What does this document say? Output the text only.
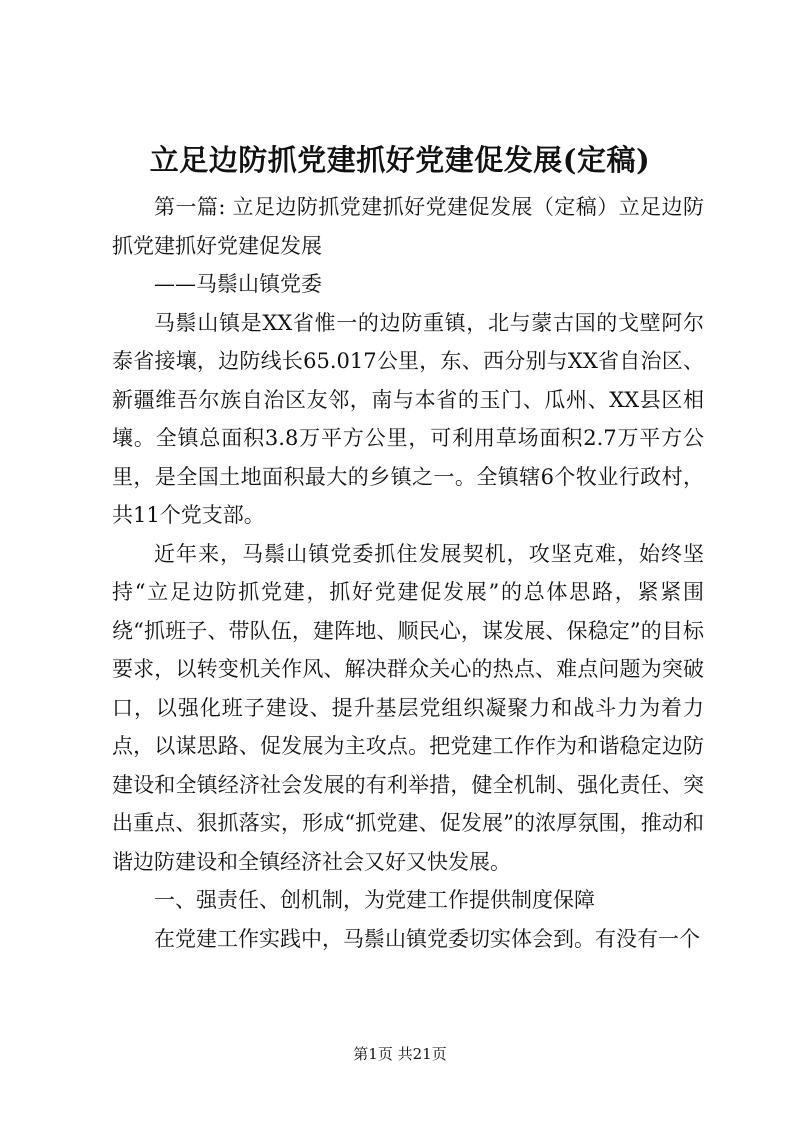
立足边防抓党建抓好党建促发展(定稿)

第一篇: 立足边防抓党建抓好党建促发展（定稿）立足边防抓党建抓好党建促发展

——马鬃山镇党委

马鬃山镇是XX省惟一的边防重镇，北与蒙古国的戈壁阿尔泰省接壤，边防线长65.017公里，东、西分别与XX省自治区、新疆维吾尔族自治区友邻，南与本省的玉门、瓜州、XX县区相壤。全镇总面积3.8万平方公里，可利用草场面积2.7万平方公里，是全国土地面积最大的乡镇之一。全镇辖6个牧业行政村，共11个党支部。

近年来，马鬃山镇党委抓住发展契机，攻坚克难，始终坚持“立足边防抓党建，抓好党建促发展”的总体思路，紧紧围绕“抓班子、带队伍，建阵地、顺民心，谋发展、保稳定”的目标要求，以转变机关作风、解决群众关心的热点、难点问题为突破口，以强化班子建设、提升基层党组织凝聚力和战斗力为着力点，以谋思路、促发展为主攻点。把党建工作作为和谐稳定边防建设和全镇经济社会发展的有利举措，健全机制、强化责任、突出重点、狠抓落实，形成“抓党建、促发展”的浓厚氛围，推动和谐边防建设和全镇经济社会又好又快发展。

一、强责任、创机制，为党建工作提供制度保障

在党建工作实践中，马鬃山镇党委切实体会到。有没有一个

第1页 共21页
